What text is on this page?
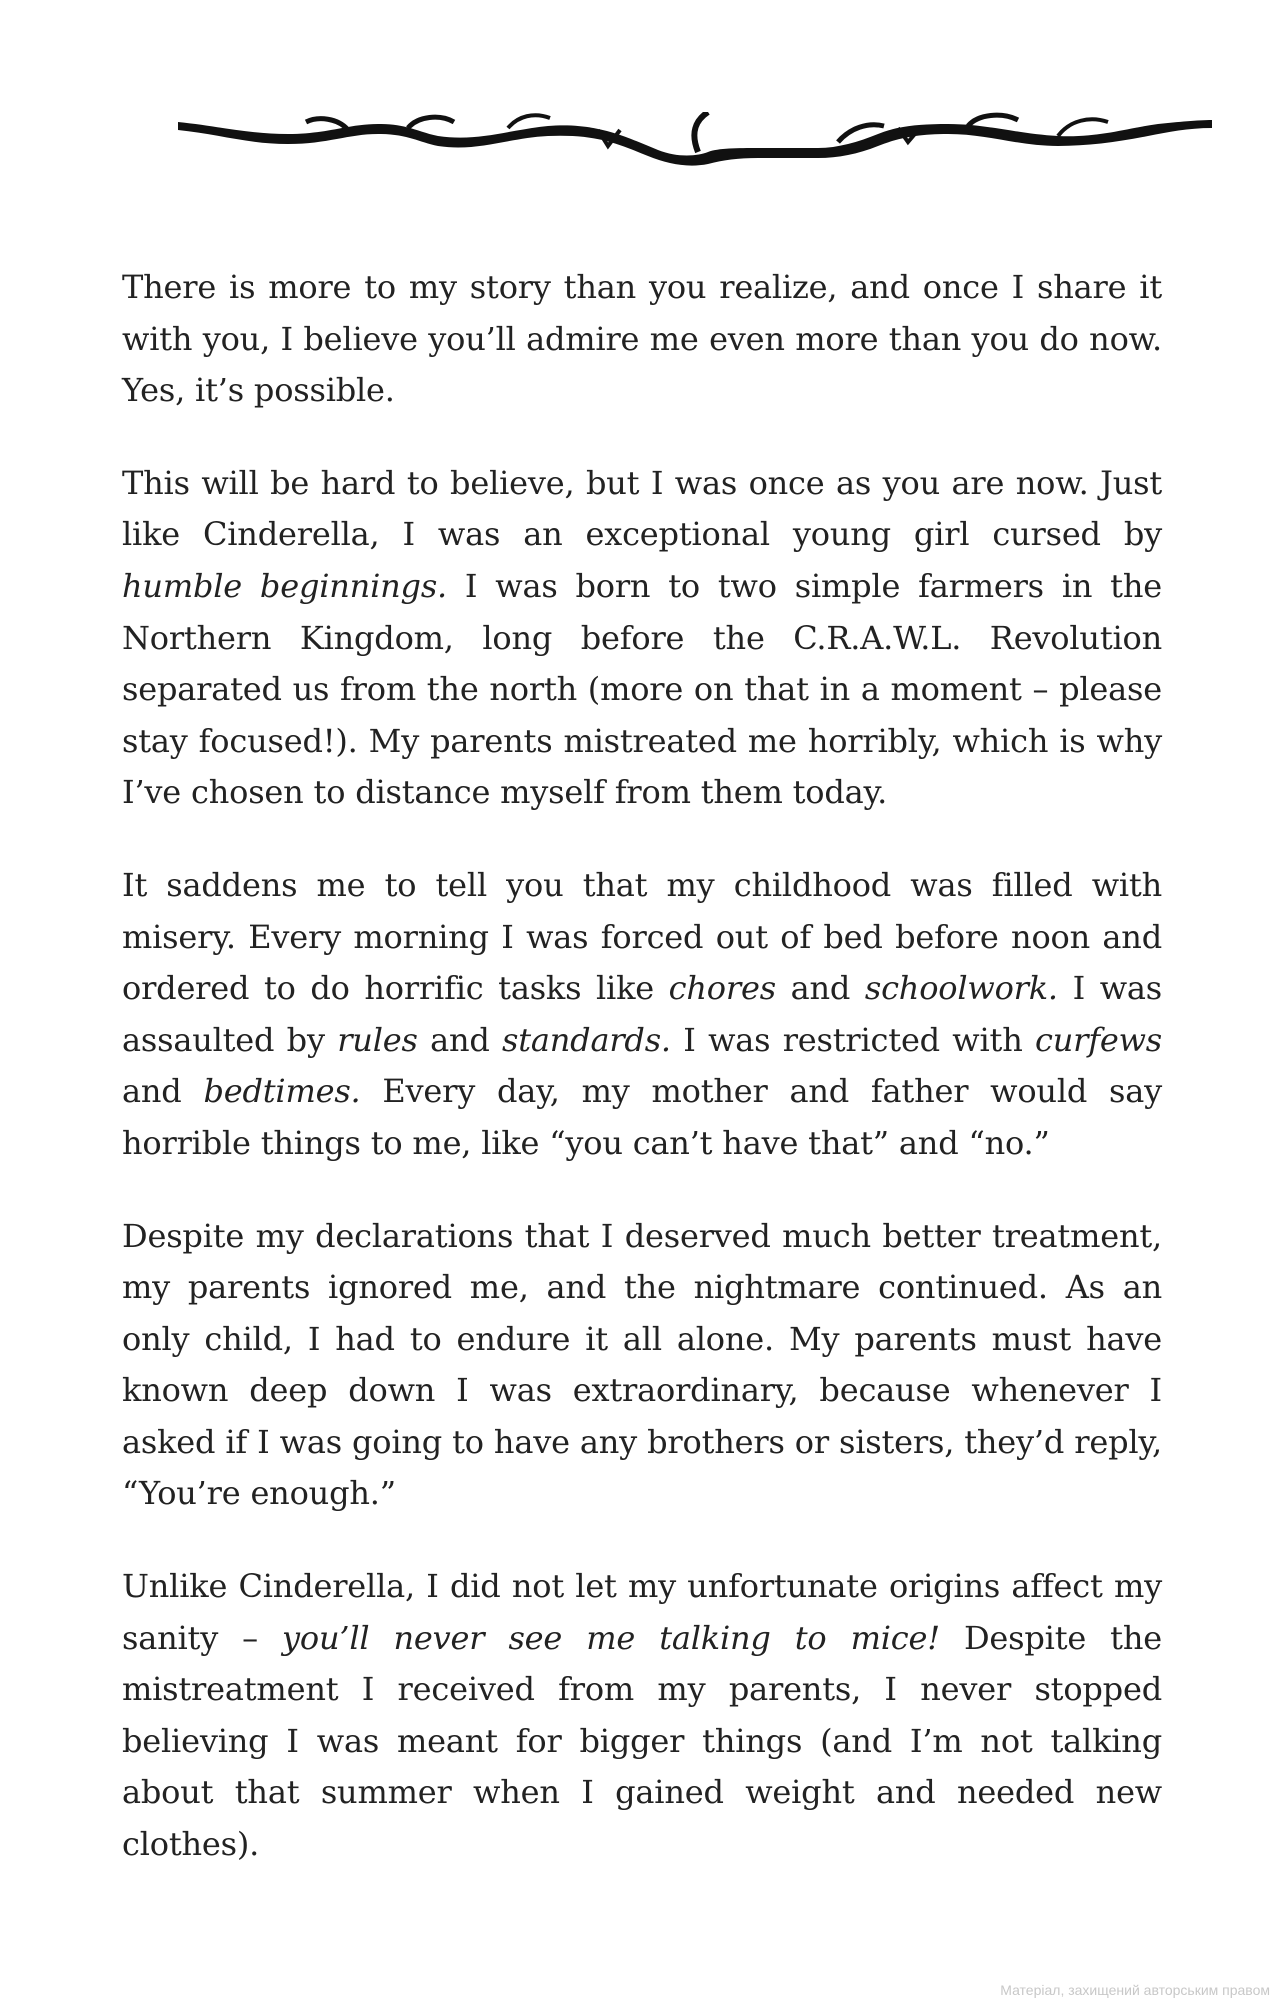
There is more to my story than you realize, and once I share it with you, I believe you’ll admire me even more than you do now. Yes, it’s possible.

This will be hard to believe, but I was once as you are now. Just like Cinderella, I was an exceptional young girl cursed by humble beginnings. I was born to two simple farmers in the Northern Kingdom, long before the C.R.A.W.L. Revolution separated us from the north (more on that in a moment – please stay focused!). My parents mistreated me horribly, which is why I’ve chosen to distance myself from them today.

It saddens me to tell you that my childhood was filled with misery. Every morning I was forced out of bed before noon and ordered to do horrific tasks like chores and schoolwork. I was assaulted by rules and standards. I was restricted with curfews and bedtimes. Every day, my mother and father would say horrible things to me, like “you can’t have that” and “no.”

Despite my declarations that I deserved much better treatment, my parents ignored me, and the nightmare continued. As an only child, I had to endure it all alone. My parents must have known deep down I was extraordinary, because whenever I asked if I was going to have any brothers or sisters, they’d reply, “You’re enough.”

Unlike Cinderella, I did not let my unfortunate origins affect my sanity – you’ll never see me talking to mice! Despite the mistreatment I received from my parents, I never stopped believing I was meant for bigger things (and I’m not talking about that summer when I gained weight and needed new clothes).

Матеріал, захищений авторським правом
